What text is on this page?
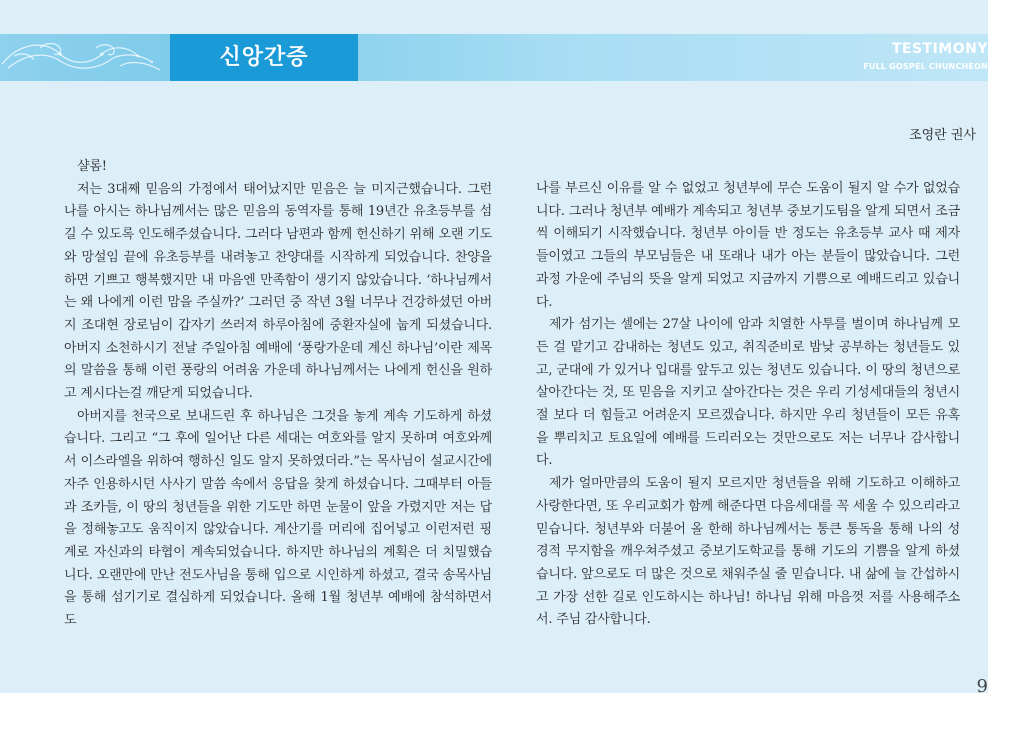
신앙간증	TESTIMONY
FULL GOSPEL CHUNCHEON
조영란 권사

샬롬!

저는 3대째 믿음의 가정에서 태어났지만 믿음은 늘 미지근했습니다. 그런 나를 아시는 하나님께서는 많은 믿음의 동역자를 통해 19년간 유초등부를 섬길 수 있도록 인도해주셨습니다. 그러다 남편과 함께 헌신하기 위해 오랜 기도와 망설임 끝에 유초등부를 내려놓고 찬양대를 시작하게 되었습니다. 찬양을 하면 기쁘고 행복했지만 내 마음엔 만족함이 생기지 않았습니다. ‘하나님께서는 왜 나에게 이런 맘을 주실까?’ 그러던 중 작년 3월 너무나 건강하셨던 아버지 조대현 장로님이 갑자기 쓰러져 하루아침에 중환자실에 눕게 되셨습니다. 아버지 소천하시기 전날 주일아침 예배에 ‘풍랑가운데 계신 하나님’이란 제목의 말씀을 통해 이런 풍랑의 어려움 가운데 하나님께서는 나에게 헌신을 원하고 계시다는걸 깨닫게 되었습니다.

아버지를 천국으로 보내드린 후 하나님은 그것을 놓게 계속 기도하게 하셨습니다. 그리고 “그 후에 일어난 다른 세대는 여호와를 알지 못하며 여호와께서 이스라엘을 위하여 행하신 일도 알지 못하였더라.”는 목사님이 설교시간에 자주 인용하시던 사사기 말씀 속에서 응답을 찾게 하셨습니다. 그때부터 아들과 조카들, 이 땅의 청년들을 위한 기도만 하면 눈물이 앞을 가렸지만 저는 답을 정해놓고도 움직이지 않았습니다. 계산기를 머리에 집어넣고 이런저런 핑계로 자신과의 타협이 계속되었습니다. 하지만 하나님의 계획은 더 치밀했습니다. 오랜만에 만난 전도사님을 통해 입으로 시인하게 하셨고, 결국 송목사님을 통해 섬기기로 결심하게 되었습니다. 올해 1월 청년부 예배에 참석하면서도

나를 부르신 이유를 알 수 없었고 청년부에 무슨 도움이 될지 알 수가 없었습니다. 그러나 청년부 예배가 계속되고 청년부 중보기도팀을 알게 되면서 조금씩 이해되기 시작했습니다. 청년부 아이들 반 정도는 유초등부 교사 때 제자들이였고 그들의 부모님들은 내 또래나 내가 아는 분들이 많았습니다. 그런 과정 가운에 주님의 뜻을 알게 되었고 지금까지 기쁨으로 예배드리고 있습니다.

제가 섬기는 셀에는 27살 나이에 암과 치열한 사투를 벌이며 하나님께 모든 걸 맡기고 감내하는 청년도 있고, 취직준비로 밤낮 공부하는 청년들도 있고, 군대에 가 있거나 입대를 앞두고 있는 청년도 있습니다. 이 땅의 청년으로 살아간다는 것, 또 믿음을 지키고 살아간다는 것은 우리 기성세대들의 청년시절 보다 더 힘들고 어려운지 모르겠습니다. 하지만 우리 청년들이 모든 유혹을 뿌리치고 토요일에 예배를 드리러오는 것만으로도 저는 너무나 감사합니다.

제가 얼마만큼의 도움이 될지 모르지만 청년들을 위해 기도하고 이해하고 사랑한다면, 또 우리교회가 함께 해준다면 다음세대를 꼭 세울 수 있으리라고 믿습니다. 청년부와 더불어 올 한해 하나님께서는 통큰 통독을 통해 나의 성경적 무지함을 깨우쳐주셨고 중보기도학교를 통해 기도의 기쁨을 알게 하셨습니다. 앞으로도 더 많은 것으로 채워주실 줄 믿습니다. 내 삶에 늘 간섭하시고 가장 선한 길로 인도하시는 하나님! 하나님 위해 마음껏 저를 사용해주소서. 주님 감사합니다.

9
